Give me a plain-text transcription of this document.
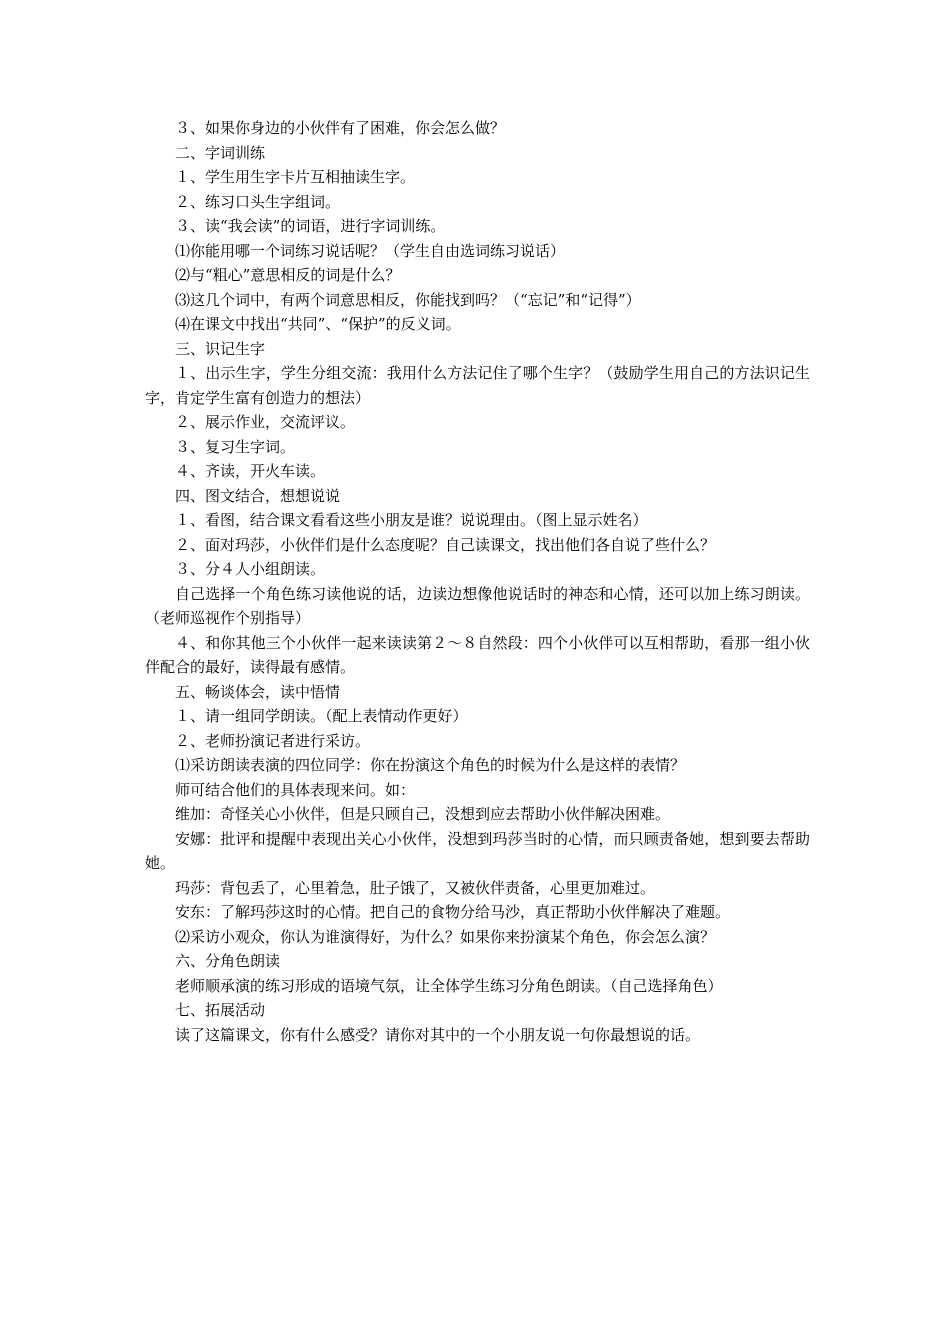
３、如果你身边的小伙伴有了困难，你会怎么做？

二、字词训练

１、学生用生字卡片互相抽读生字。

２、练习口头生字组词。

３、读“我会读”的词语，进行字词训练。

⑴你能用哪一个词练习说话呢？（学生自由选词练习说话）

⑵与“粗心”意思相反的词是什么？

⑶这几个词中，有两个词意思相反，你能找到吗？（“忘记”和“记得”）

⑷在课文中找出“共同”、“保护”的反义词。

三、识记生字

１、出示生字，学生分组交流：我用什么方法记住了哪个生字？（鼓励学生用自己的方法识记生字，肯定学生富有创造力的想法）

２、展示作业，交流评议。

３、复习生字词。

４、齐读，开火车读。

四、图文结合，想想说说

１、看图，结合课文看看这些小朋友是谁？说说理由。（图上显示姓名）

２、面对玛莎，小伙伴们是什么态度呢？自己读课文，找出他们各自说了些什么？

３、分４人小组朗读。

自己选择一个角色练习读他说的话，边读边想像他说话时的神态和心情，还可以加上练习朗读。（老师巡视作个别指导）

４、和你其他三个小伙伴一起来读读第２～８自然段：四个小伙伴可以互相帮助，看那一组小伙伴配合的最好，读得最有感情。

五、畅谈体会，读中悟情

１、请一组同学朗读。（配上表情动作更好）

２、老师扮演记者进行采访。

⑴采访朗读表演的四位同学：你在扮演这个角色的时候为什么是这样的表情？

师可结合他们的具体表现来问。如：

维加：奇怪关心小伙伴，但是只顾自己，没想到应去帮助小伙伴解决困难。

安娜：批评和提醒中表现出关心小伙伴，没想到玛莎当时的心情，而只顾责备她，想到要去帮助她。

玛莎：背包丢了，心里着急，肚子饿了，又被伙伴责备，心里更加难过。

安东：了解玛莎这时的心情。把自己的食物分给马沙，真正帮助小伙伴解决了难题。

⑵采访小观众，你认为谁演得好，为什么？如果你来扮演某个角色，你会怎么演？

六、分角色朗读

老师顺承演的练习形成的语境气氛，让全体学生练习分角色朗读。（自己选择角色）

七、拓展活动

读了这篇课文，你有什么感受？请你对其中的一个小朋友说一句你最想说的话。
